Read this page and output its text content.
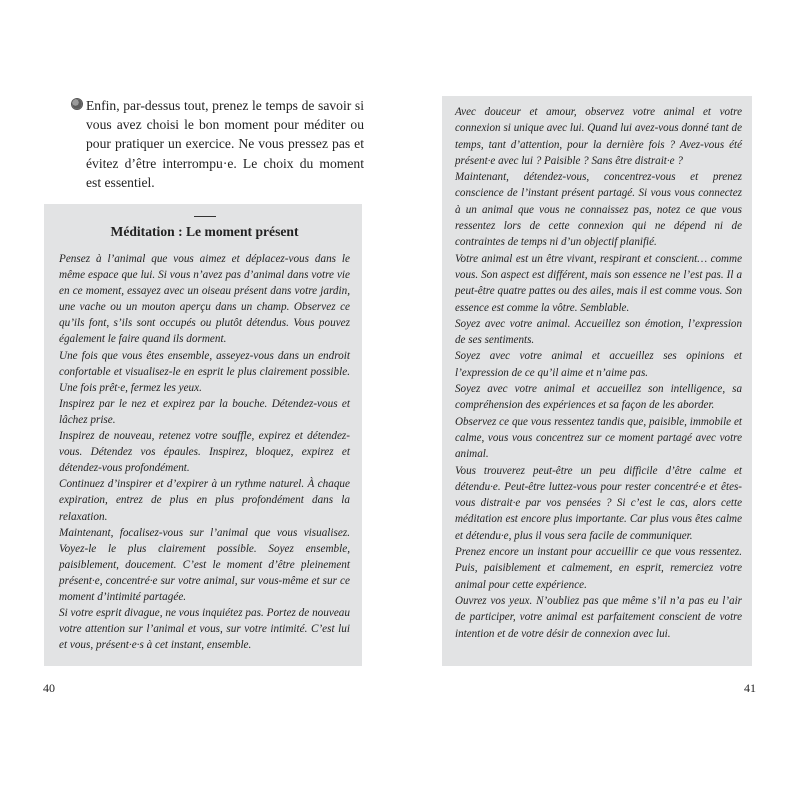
Enfin, par-dessus tout, prenez le temps de savoir si vous avez choisi le bon moment pour méditer ou pour pratiquer un exercice. Ne vous pressez pas et évitez d’être interrompu·e. Le choix du moment est essentiel.

Méditation : Le moment présent

Pensez à l’animal que vous aimez et déplacez-vous dans le même espace que lui. Si vous n’avez pas d’animal dans votre vie en ce moment, essayez avec un oiseau présent dans votre jardin, une vache ou un mouton aperçu dans un champ. Observez ce qu’ils font, s’ils sont occupés ou plutôt détendus. Vous pouvez également le faire quand ils dorment.

Une fois que vous êtes ensemble, asseyez-vous dans un endroit confortable et visualisez-le en esprit le plus clairement possible. Une fois prêt·e, fermez les yeux.

Inspirez par le nez et expirez par la bouche. Détendez-vous et lâchez prise.

Inspirez de nouveau, retenez votre souffle, expirez et détendez-vous. Détendez vos épaules. Inspirez, bloquez, expirez et détendez-vous profondément.

Continuez d’inspirer et d’expirer à un rythme naturel. À chaque expiration, entrez de plus en plus profondément dans la relaxation.

Maintenant, focalisez-vous sur l’animal que vous visualisez. Voyez-le le plus clairement possible. Soyez ensemble, paisiblement, doucement. C’est le moment d’être pleinement présent·e, concentré·e sur votre animal, sur vous-même et sur ce moment d’intimité partagée.

Si votre esprit divague, ne vous inquiétez pas. Portez de nouveau votre attention sur l’animal et vous, sur votre intimité. C’est lui et vous, présent·e·s à cet instant, ensemble.

40

Avec douceur et amour, observez votre animal et votre connexion si unique avec lui. Quand lui avez-vous donné tant de temps, tant d’attention, pour la dernière fois ? Avez-vous été présent·e avec lui ? Paisible ? Sans être distrait·e ?

Maintenant, détendez-vous, concentrez-vous et prenez conscience de l’instant présent partagé. Si vous vous connectez à un animal que vous ne connaissez pas, notez ce que vous ressentez lors de cette connexion qui ne dépend ni de contraintes de temps ni d’un objectif planifié.

Votre animal est un être vivant, respirant et conscient… comme vous. Son aspect est différent, mais son essence ne l’est pas. Il a peut-être quatre pattes ou des ailes, mais il est comme vous. Son essence est comme la vôtre. Semblable.

Soyez avec votre animal. Accueillez son émotion, l’expression de ses sentiments.

Soyez avec votre animal et accueillez ses opinions et l’expression de ce qu’il aime et n’aime pas.

Soyez avec votre animal et accueillez son intelligence, sa compréhension des expériences et sa façon de les aborder.

Observez ce que vous ressentez tandis que, paisible, immobile et calme, vous vous concentrez sur ce moment partagé avec votre animal.

Vous trouverez peut-être un peu difficile d’être calme et détendu·e. Peut-être luttez-vous pour rester concentré·e et êtes-vous distrait·e par vos pensées ? Si c’est le cas, alors cette méditation est encore plus importante. Car plus vous êtes calme et détendu·e, plus il vous sera facile de communiquer.

Prenez encore un instant pour accueillir ce que vous ressentez. Puis, paisiblement et calmement, en esprit, remerciez votre animal pour cette expérience.

Ouvrez vos yeux. N’oubliez pas que même s’il n’a pas eu l’air de participer, votre animal est parfaitement conscient de votre intention et de votre désir de connexion avec lui.

41
